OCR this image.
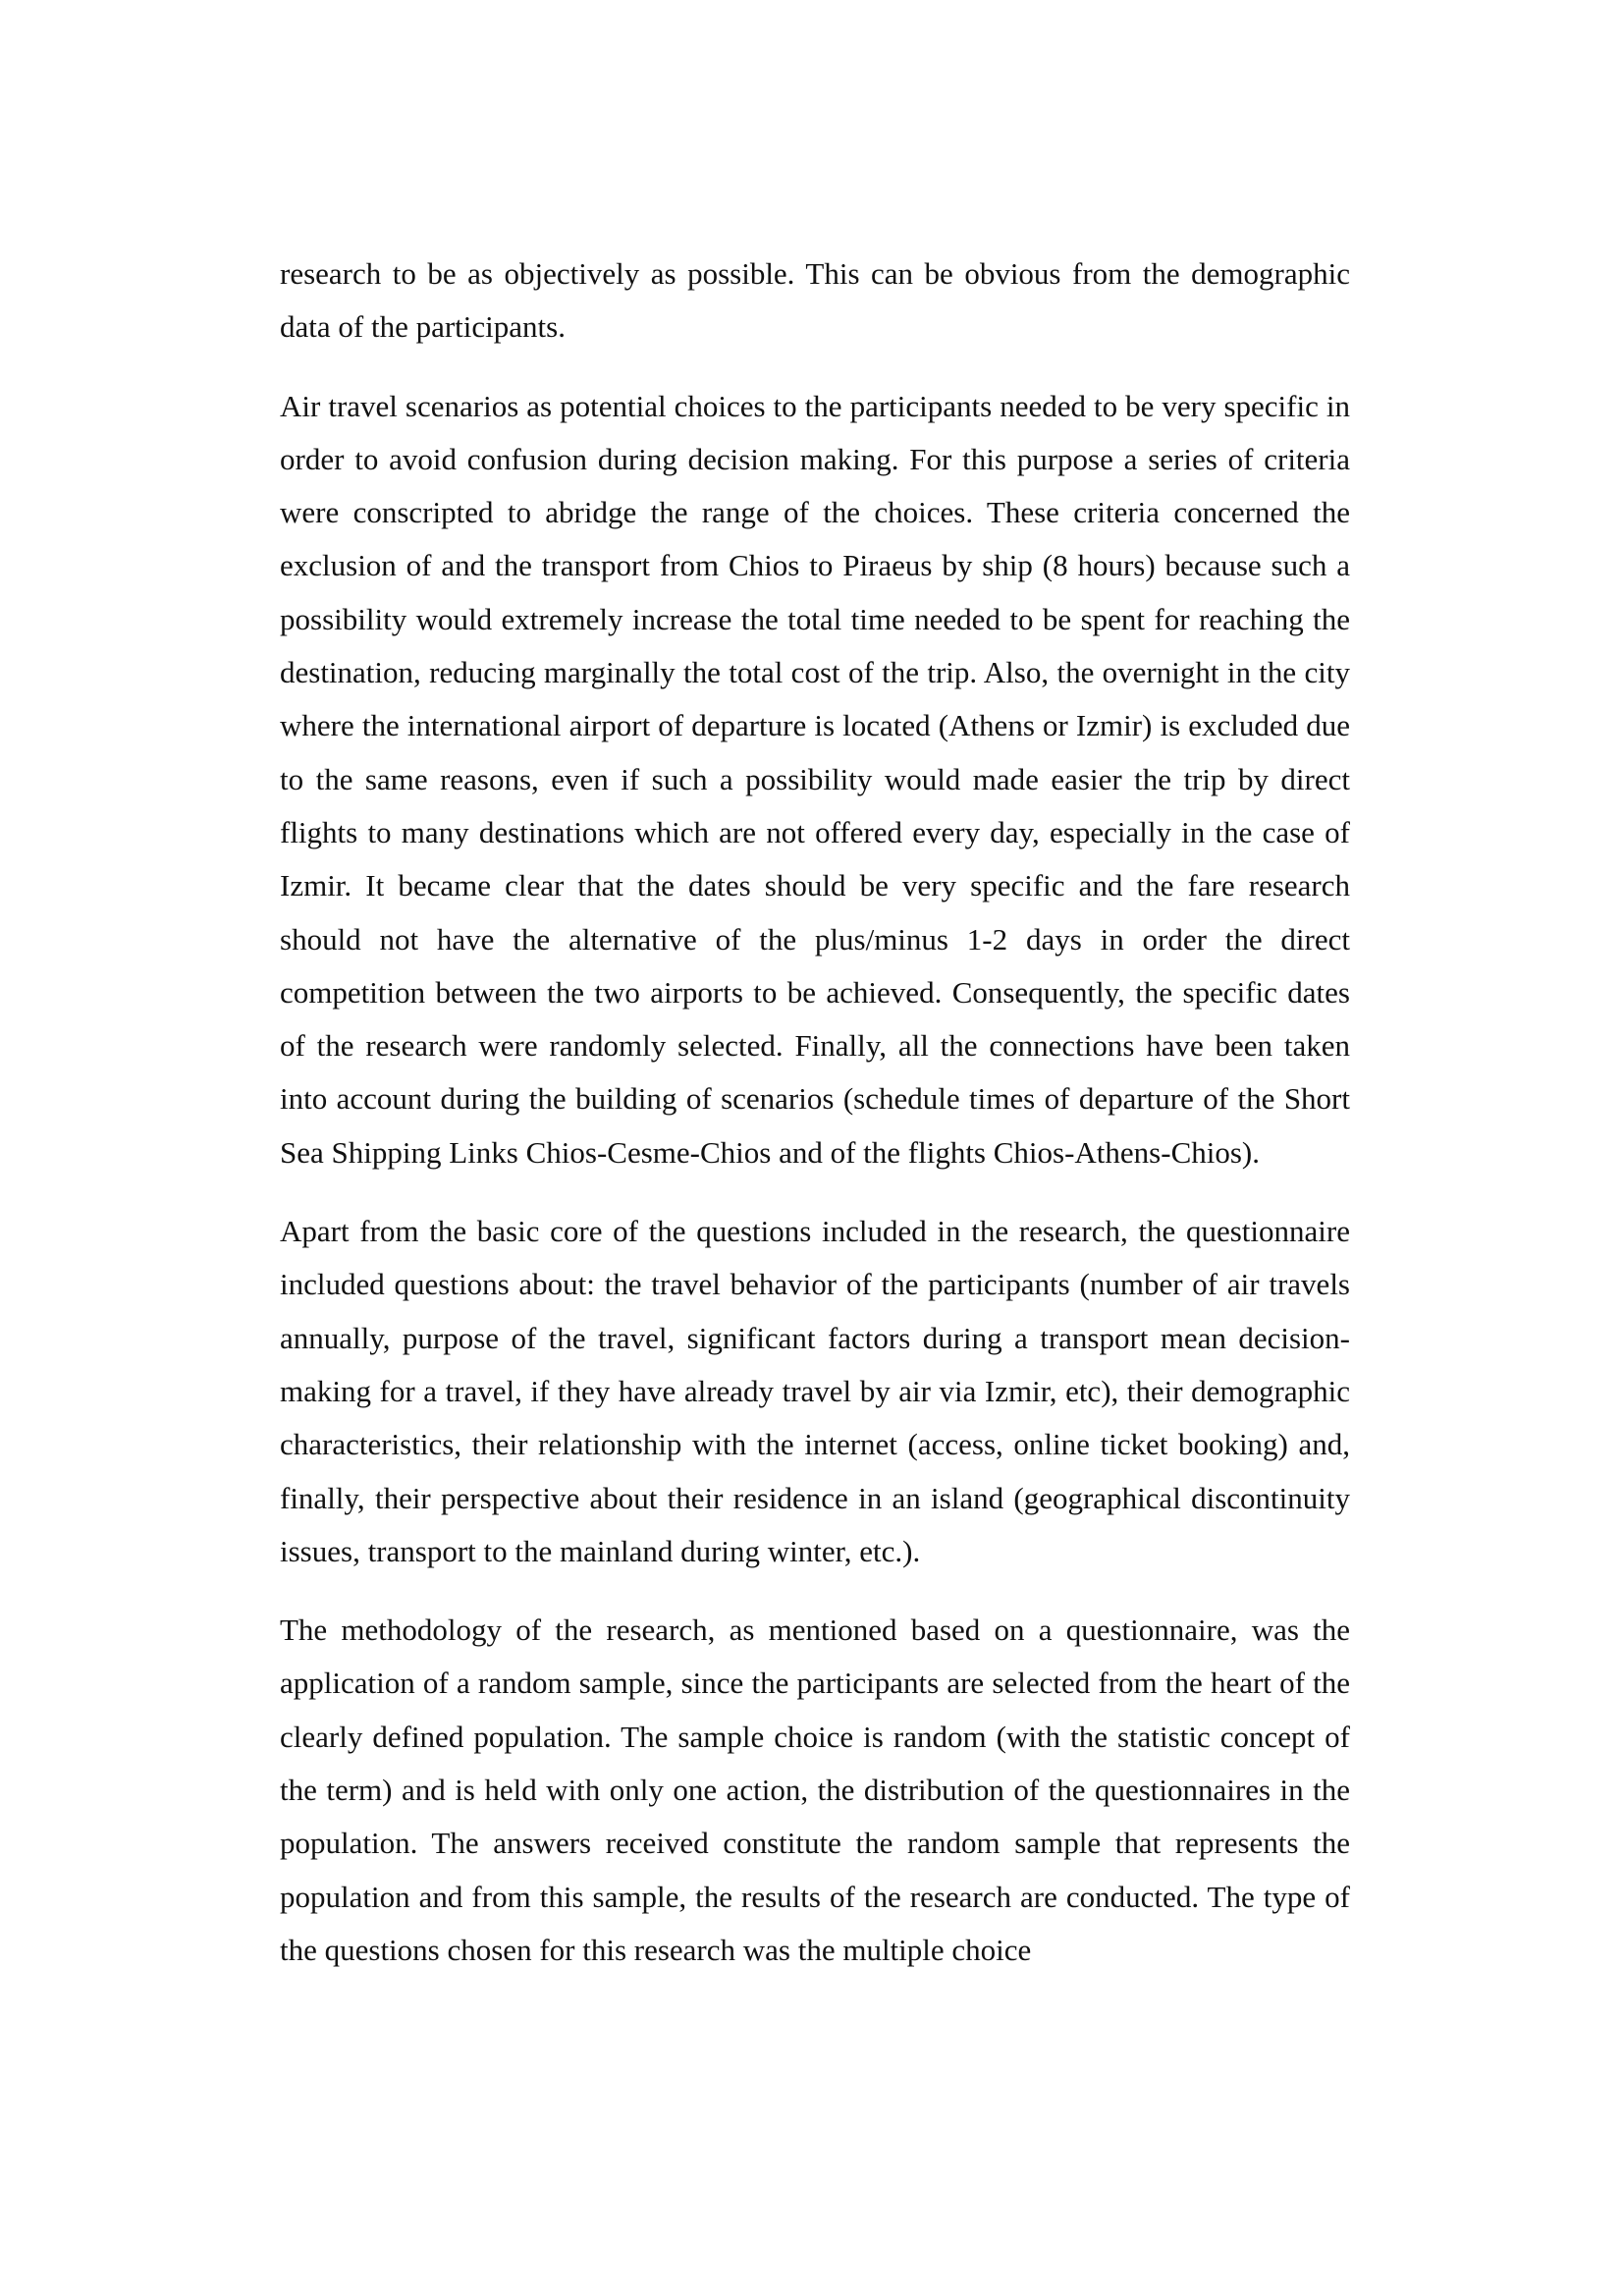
research to be as objectively as possible. This can be obvious from the demographic data of the participants.

Air travel scenarios as potential choices to the participants needed to be very specific in order to avoid confusion during decision making. For this purpose a series of criteria were conscripted to abridge the range of the choices. These criteria concerned the exclusion of and the transport from Chios to Piraeus by ship (8 hours) because such a possibility would extremely increase the total time needed to be spent for reaching the destination, reducing marginally the total cost of the trip. Also, the overnight in the city where the international airport of departure is located (Athens or Izmir) is excluded due to the same reasons, even if such a possibility would made easier the trip by direct flights to many destinations which are not offered every day, especially in the case of Izmir. It became clear that the dates should be very specific and the fare research should not have the alternative of the plus/minus 1-2 days in order the direct competition between the two airports to be achieved. Consequently, the specific dates of the research were randomly selected. Finally, all the connections have been taken into account during the building of scenarios (schedule times of departure of the Short Sea Shipping Links Chios-Cesme-Chios and of the flights Chios-Athens-Chios).

Apart from the basic core of the questions included in the research, the questionnaire included questions about: the travel behavior of the participants (number of air travels annually, purpose of the travel, significant factors during a transport mean decision-making for a travel, if they have already travel by air via Izmir, etc), their demographic characteristics, their relationship with the internet (access, online ticket booking) and, finally, their perspective about their residence in an island (geographical discontinuity issues, transport to the mainland during winter, etc.).

The methodology of the research, as mentioned based on a questionnaire, was the application of a random sample, since the participants are selected from the heart of the clearly defined population. The sample choice is random (with the statistic concept of the term) and is held with only one action, the distribution of the questionnaires in the population. The answers received constitute the random sample that represents the population and from this sample, the results of the research are conducted. The type of the questions chosen for this research was the multiple choice
